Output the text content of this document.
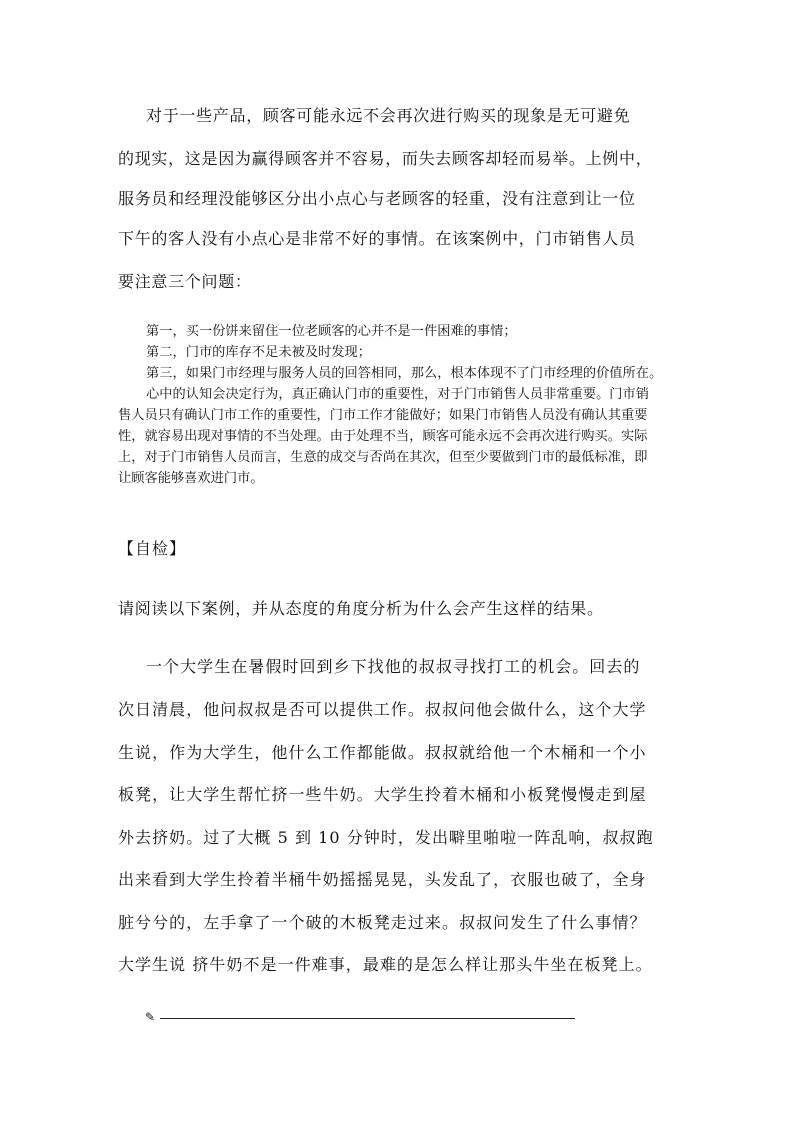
对于一些产品，顾客可能永远不会再次进行购买的现象是无可避免
的现实，这是因为赢得顾客并不容易，而失去顾客却轻而易举。上例中，
服务员和经理没能够区分出小点心与老顾客的轻重，没有注意到让一位
下午的客人没有小点心是非常不好的事情。在该案例中，门市销售人员
要注意三个问题：
第一，买一份饼来留住一位老顾客的心并不是一件困难的事情；
第二，门市的库存不足未被及时发现；
第三，如果门市经理与服务人员的回答相同，那么，根本体现不了门市经理的价值所在。
心中的认知会决定行为，真正确认门市的重要性，对于门市销售人员非常重要。门市销
售人员只有确认门市工作的重要性，门市工作才能做好；如果门市销售人员没有确认其重要
性，就容易出现对事情的不当处理。由于处理不当，顾客可能永远不会再次进行购买。实际
上，对于门市销售人员而言，生意的成交与否尚在其次，但至少要做到门市的最低标准，即
让顾客能够喜欢进门市。
【自检】
请阅读以下案例，并从态度的角度分析为什么会产生这样的结果。
一个大学生在暑假时回到乡下找他的叔叔寻找打工的机会。回去的
次日清晨，他问叔叔是否可以提供工作。叔叔问他会做什么，这个大学
生说，作为大学生，他什么工作都能做。叔叔就给他一个木桶和一个小
板凳，让大学生帮忙挤一些牛奶。大学生拎着木桶和小板凳慢慢走到屋
外去挤奶。过了大概 5 到 10 分钟时，发出噼里啪啦一阵乱响，叔叔跑
出来看到大学生拎着半桶牛奶摇摇晃晃，头发乱了，衣服也破了，全身
脏兮兮的，左手拿了一个破的木板凳走过来。叔叔问发生了什么事情？
大学生说 挤牛奶不是一件难事，最难的是怎么样让那头牛坐在板凳上。
✎
